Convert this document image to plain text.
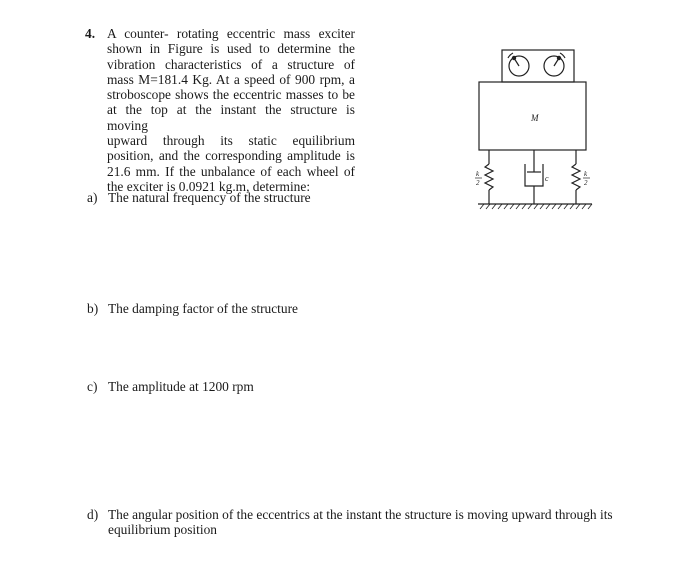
4. A counter- rotating eccentric mass exciter
shown in Figure is used to determine the
vibration characteristics of a structure of
mass M=181.4 Kg. At a speed of 900 rpm, a
stroboscope shows the eccentric masses to be
at the top at the instant the structure is moving
upward through its static equilibrium
position, and the corresponding amplitude is
21.6 mm. If the unbalance of each wheel of
the exciter is 0.0921 kg.m, determine:
a) The natural frequency of the structure
b) The damping factor of the structure
c) The amplitude at 1200 rpm
d) The angular position of the eccentrics at the instant the structure is moving upward through its equilibrium position
M
c
k
2
k
2
